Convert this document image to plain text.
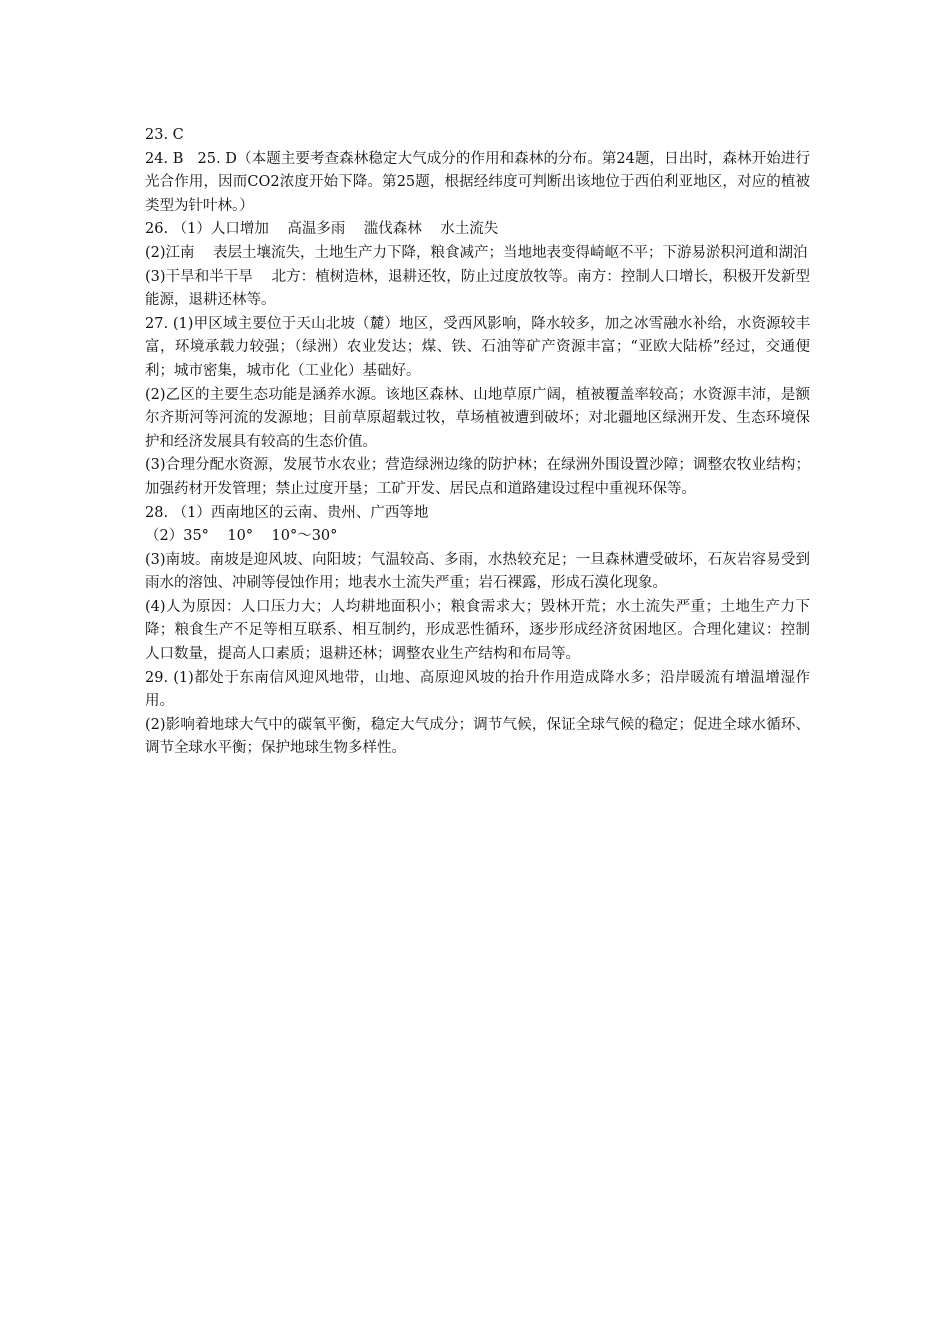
23. C
24. B   25. D（本题主要考查森林稳定大气成分的作用和森林的分布。第24题，日出时，森林开始进行光合作用，因而CO2浓度开始下降。第25题，根据经纬度可判断出该地位于西伯利亚地区，对应的植被类型为针叶林。）
26. （1）人口增加    高温多雨    滥伐森林    水土流失
(2)江南    表层土壤流失，土地生产力下降，粮食减产；当地地表变得崎岖不平；下游易淤积河道和湖泊
(3)干旱和半干旱    北方：植树造林，退耕还牧，防止过度放牧等。南方：控制人口增长，积极开发新型能源，退耕还林等。
27. (1)甲区域主要位于天山北坡（麓）地区，受西风影响，降水较多，加之冰雪融水补给，水资源较丰富，环境承载力较强；（绿洲）农业发达；煤、铁、石油等矿产资源丰富；“亚欧大陆桥”经过，交通便利；城市密集，城市化（工业化）基础好。
(2)乙区的主要生态功能是涵养水源。该地区森林、山地草原广阔，植被覆盖率较高；水资源丰沛，是额尔齐斯河等河流的发源地；目前草原超载过牧，草场植被遭到破坏；对北疆地区绿洲开发、生态环境保护和经济发展具有较高的生态价值。
(3)合理分配水资源，发展节水农业；营造绿洲边缘的防护林；在绿洲外围设置沙障；调整农牧业结构；加强药材开发管理；禁止过度开垦；工矿开发、居民点和道路建设过程中重视环保等。
28. （1）西南地区的云南、贵州、广西等地
（2）35°    10°    10°～30°
(3)南坡。南坡是迎风坡、向阳坡；气温较高、多雨，水热较充足；一旦森林遭受破坏，石灰岩容易受到雨水的溶蚀、冲刷等侵蚀作用；地表水土流失严重；岩石裸露，形成石漠化现象。
(4)人为原因：人口压力大；人均耕地面积小；粮食需求大；毁林开荒；水土流失严重；土地生产力下降；粮食生产不足等相互联系、相互制约，形成恶性循环，逐步形成经济贫困地区。合理化建议：控制人口数量，提高人口素质；退耕还林；调整农业生产结构和布局等。
29. (1)都处于东南信风迎风地带，山地、高原迎风坡的抬升作用造成降水多；沿岸暖流有增温增湿作用。
(2)影响着地球大气中的碳氧平衡，稳定大气成分；调节气候，保证全球气候的稳定；促进全球水循环、调节全球水平衡；保护地球生物多样性。
